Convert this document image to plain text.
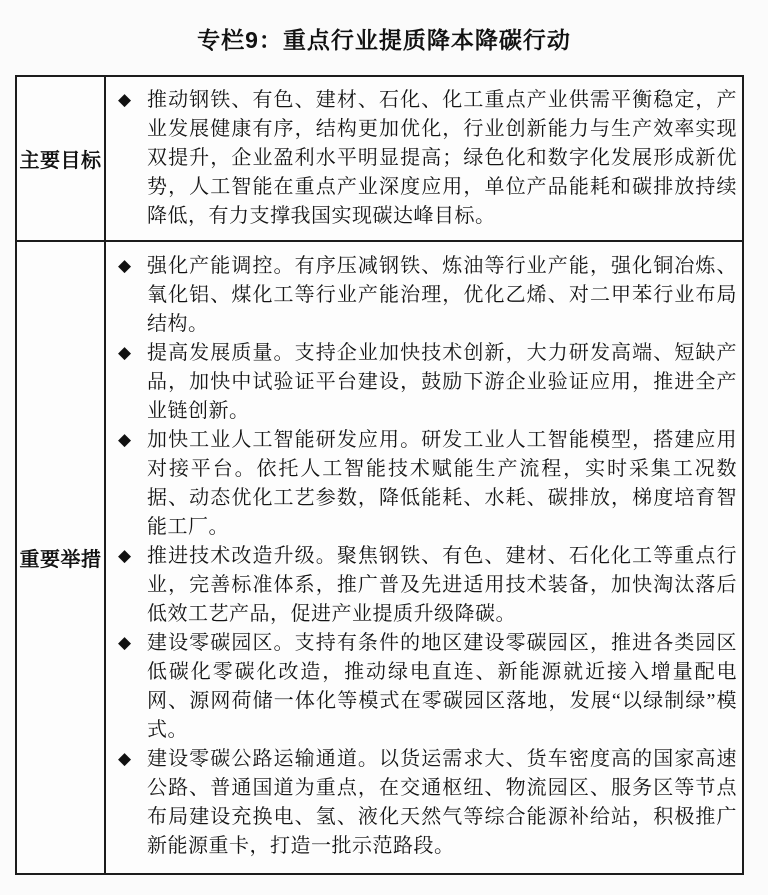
专栏9：重点行业提质降本降碳行动
主要目标
◆ 推动钢铁、有色、建材、石化、化工重点产业供需平衡稳定，产业发展健康有序，结构更加优化，行业创新能力与生产效率实现双提升，企业盈利水平明显提高；绿色化和数字化发展形成新优势，人工智能在重点产业深度应用，单位产品能耗和碳排放持续降低，有力支撑我国实现碳达峰目标。
重要举措
◆ 强化产能调控。有序压减钢铁、炼油等行业产能，强化铜冶炼、氧化铝、煤化工等行业产能治理，优化乙烯、对二甲苯行业布局结构。
◆ 提高发展质量。支持企业加快技术创新，大力研发高端、短缺产品，加快中试验证平台建设，鼓励下游企业验证应用，推进全产业链创新。
◆ 加快工业人工智能研发应用。研发工业人工智能模型，搭建应用对接平台。依托人工智能技术赋能生产流程，实时采集工况数据、动态优化工艺参数，降低能耗、水耗、碳排放，梯度培育智能工厂。
◆ 推进技术改造升级。聚焦钢铁、有色、建材、石化化工等重点行业，完善标准体系，推广普及先进适用技术装备，加快淘汰落后低效工艺产品，促进产业提质升级降碳。
◆ 建设零碳园区。支持有条件的地区建设零碳园区，推进各类园区低碳化零碳化改造，推动绿电直连、新能源就近接入增量配电网、源网荷储一体化等模式在零碳园区落地，发展“以绿制绿”模式。
◆ 建设零碳公路运输通道。以货运需求大、货车密度高的国家高速公路、普通国道为重点，在交通枢纽、物流园区、服务区等节点布局建设充换电、氢、液化天然气等综合能源补给站，积极推广新能源重卡，打造一批示范路段。
